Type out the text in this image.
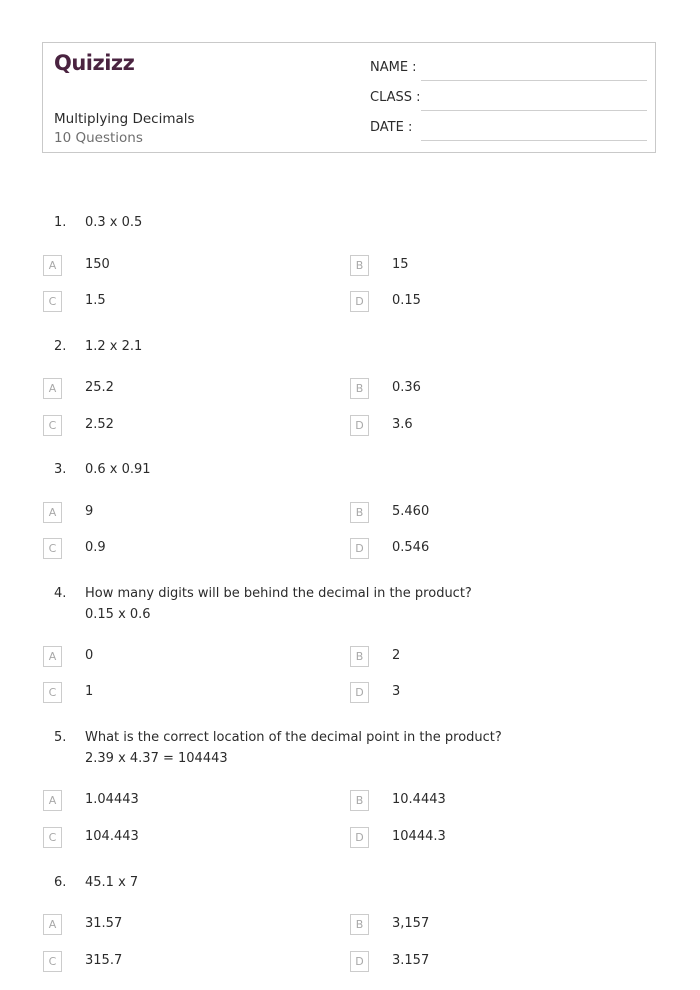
Quizizz
Multiplying Decimals
10 Questions
NAME :
CLASS :
DATE :
1. 0.3 x 0.5
A	150	B	15
C	1.5	D	0.15
2. 1.2 x 2.1
A	25.2	B	0.36
C	2.52	D	3.6
3. 0.6 x 0.91
A	9	B	5.460
C	0.9	D	0.546
4. How many digits will be behind the decimal in the product?
0.15 x 0.6
A	0	B	2
C	1	D	3
5. What is the correct location of the decimal point in the product?
2.39 x 4.37 = 104443
A	1.04443	B	10.4443
C	104.443	D	10444.3
6. 45.1 x 7
A	31.57	B	3,157
C	315.7	D	3.157
